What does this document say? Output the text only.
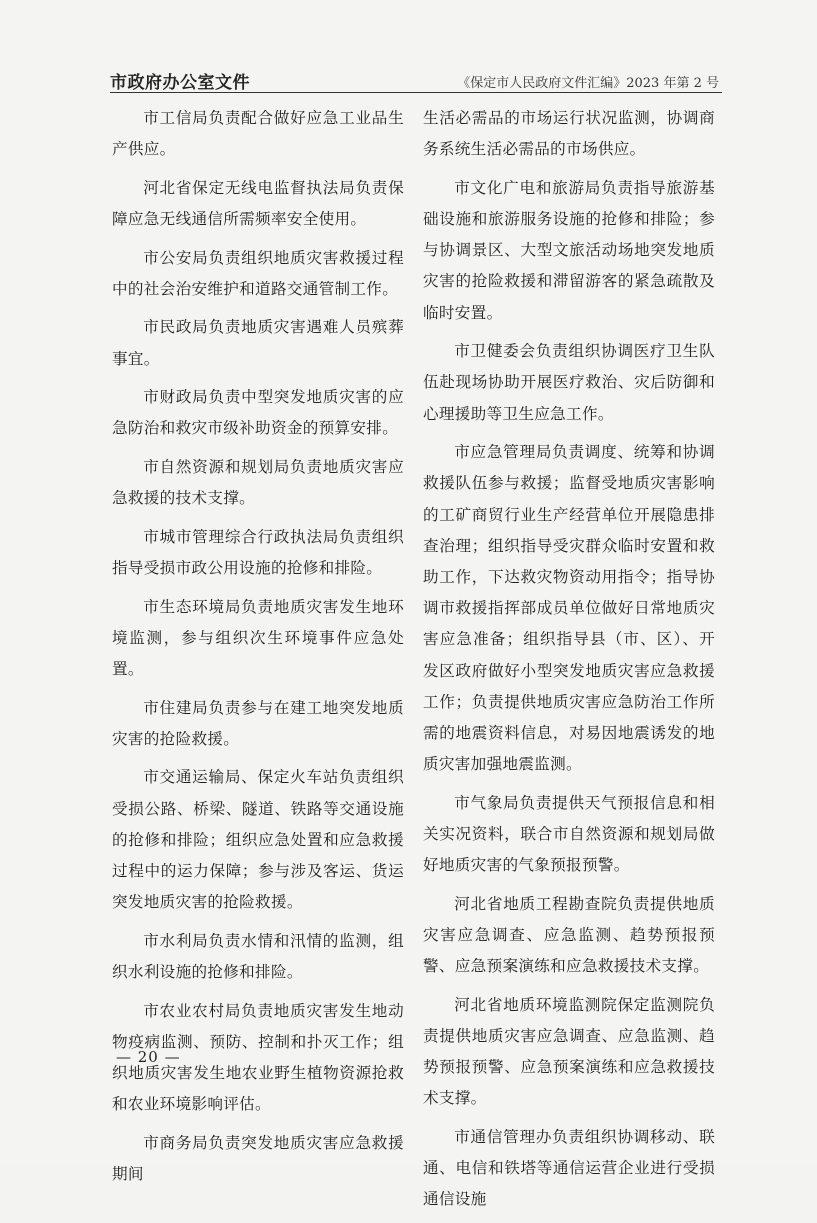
市政府办公室文件	《保定市人民政府文件汇编》2023 年第 2 号

市工信局负责配合做好应急工业品生产供应。

河北省保定无线电监督执法局负责保障应急无线通信所需频率安全使用。

市公安局负责组织地质灾害救援过程中的社会治安维护和道路交通管制工作。

市民政局负责地质灾害遇难人员殡葬事宜。

市财政局负责中型突发地质灾害的应急防治和救灾市级补助资金的预算安排。

市自然资源和规划局负责地质灾害应急救援的技术支撑。

市城市管理综合行政执法局负责组织指导受损市政公用设施的抢修和排险。

市生态环境局负责地质灾害发生地环境监测，参与组织次生环境事件应急处置。

市住建局负责参与在建工地突发地质灾害的抢险救援。

市交通运输局、保定火车站负责组织受损公路、桥梁、隧道、铁路等交通设施的抢修和排险；组织应急处置和应急救援过程中的运力保障；参与涉及客运、货运突发地质灾害的抢险救援。

市水利局负责水情和汛情的监测，组织水利设施的抢修和排险。

市农业农村局负责地质灾害发生地动物疫病监测、预防、控制和扑灭工作；组织地质灾害发生地农业野生植物资源抢救和农业环境影响评估。

市商务局负责突发地质灾害应急救援期间

生活必需品的市场运行状况监测，协调商务系统生活必需品的市场供应。

市文化广电和旅游局负责指导旅游基础设施和旅游服务设施的抢修和排险；参与协调景区、大型文旅活动场地突发地质灾害的抢险救援和滞留游客的紧急疏散及临时安置。

市卫健委会负责组织协调医疗卫生队伍赴现场协助开展医疗救治、灾后防御和心理援助等卫生应急工作。

市应急管理局负责调度、统筹和协调救援队伍参与救援；监督受地质灾害影响的工矿商贸行业生产经营单位开展隐患排查治理；组织指导受灾群众临时安置和救助工作，下达救灾物资动用指令；指导协调市救援指挥部成员单位做好日常地质灾害应急准备；组织指导县（市、区）、开发区政府做好小型突发地质灾害应急救援工作；负责提供地质灾害应急防治工作所需的地震资料信息，对易因地震诱发的地质灾害加强地震监测。

市气象局负责提供天气预报信息和相关实况资料，联合市自然资源和规划局做好地质灾害的气象预报预警。

河北省地质工程勘查院负责提供地质灾害应急调查、应急监测、趋势预报预警、应急预案演练和应急救援技术支撑。

河北省地质环境监测院保定监测院负责提供地质灾害应急调查、应急监测、趋势预报预警、应急预案演练和应急救援技术支撑。

市通信管理办负责组织协调移动、联通、电信和铁塔等通信运营企业进行受损通信设施

— 20 —
